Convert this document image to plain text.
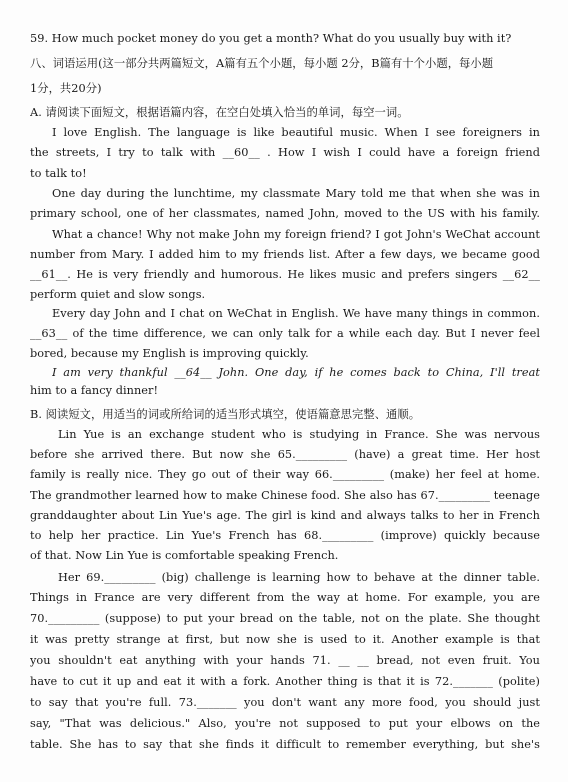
59. How much pocket money do you get a month? What do you usually buy with it?
八、词语运用(这一部分共两篇短文，A篇有五个小题，每小题 2分，B篇有十个小题，每小题
1分，共20分)
A. 请阅读下面短文，根据语篇内容，在空白处填入恰当的单词，每空一词。
I love English. The language is like beautiful music. When I see foreigners in
the streets, I try to talk with __60__ . How I wish I could have a foreign friend
to talk to!
One day during the lunchtime, my classmate Mary told me that when she was in
primary school, one of her classmates, named John, moved to the US with his family.
What a chance! Why not make John my foreign friend? I got John's WeChat account
number from Mary. I added him to my friends list. After a few days, we became good
__61__. He is very friendly and humorous. He likes music and prefers singers __62__
perform quiet and slow songs.
Every day John and I chat on WeChat in English. We have many things in common.
__63__ of the time difference, we can only talk for a while each day. But I never feel
bored, because my English is improving quickly.
I am very thankful __64__ John. One day, if he comes back to China, I'll treat
him to a fancy dinner!
B. 阅读短文，用适当的词或所给词的适当形式填空，使语篇意思完整、通顺。
Lin Yue is an exchange student who is studying in France. She was nervous
before she arrived there. But now she 65._________ (have) a great time. Her host
family is really nice. They go out of their way 66._________ (make) her feel at home.
The grandmother learned how to make Chinese food. She also has 67._________ teenage
granddaughter about Lin Yue's age. The girl is kind and always talks to her in French
to help her practice. Lin Yue's French has 68._________ (improve) quickly because
of that. Now Lin Yue is comfortable speaking French.
Her 69._________ (big) challenge is learning how to behave at the dinner table.
Things in France are very different from the way at home. For example, you are
70._________ (suppose) to put your bread on the table, not on the plate. She thought
it was pretty strange at first, but now she is used to it. Another example is that
you shouldn't eat anything with your hands 71. __ __ bread, not even fruit. You
have to cut it up and eat it with a fork. Another thing is that it is 72._______ (polite)
to say that you're full. 73._______ you don't want any more food, you should just
say, "That was delicious." Also, you're not supposed to put your elbows on the
table. She has to say that she finds it difficult to remember everything, but she's
